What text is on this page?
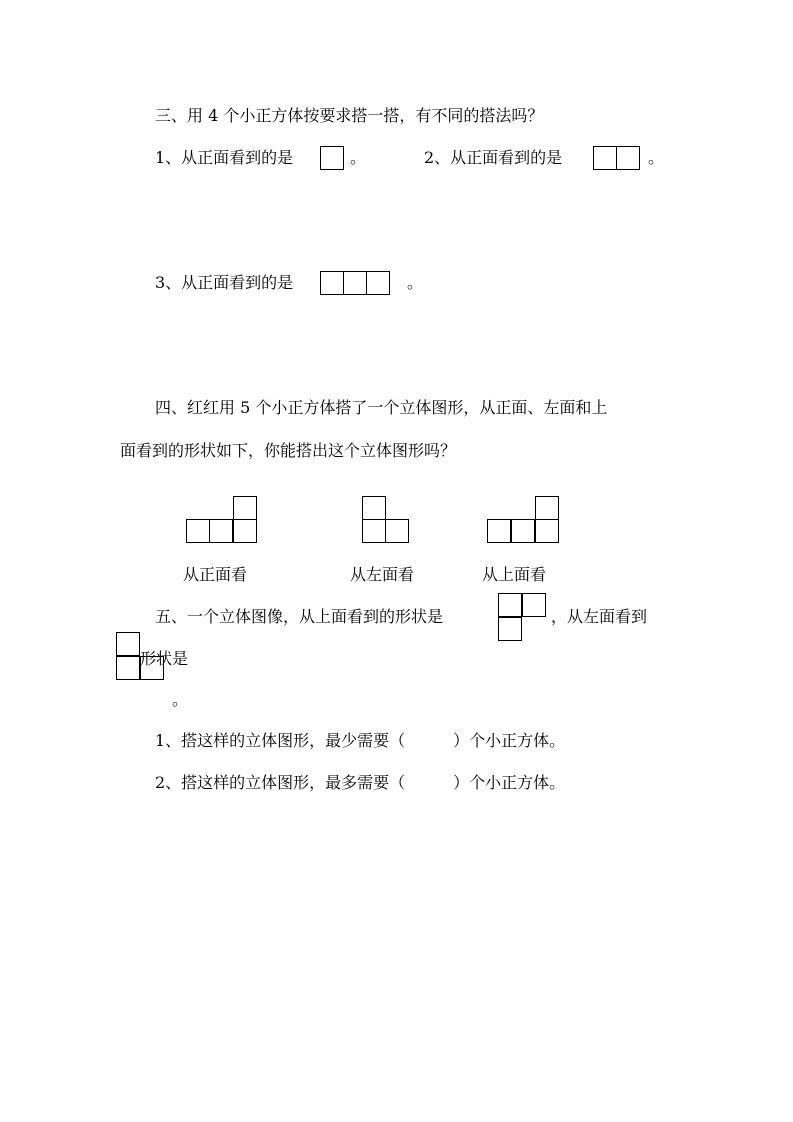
三、用 4 个小正方体按要求搭一搭，有不同的搭法吗？
1、从正面看到的是	。	2、从正面看到的是	。
3、从正面看到的是	。
四、红红用 5 个小正方体搭了一个立体图形，从正面、左面和上
面看到的形状如下，你能搭出这个立体图形吗？
从正面看	从左面看	从上面看
五、一个立体图像，从上面看到的形状是	，从左面看到
形状是
。
1、搭这样的立体图形，最少需要（　　　）个小正方体。
2、搭这样的立体图形，最多需要（　　　）个小正方体。
